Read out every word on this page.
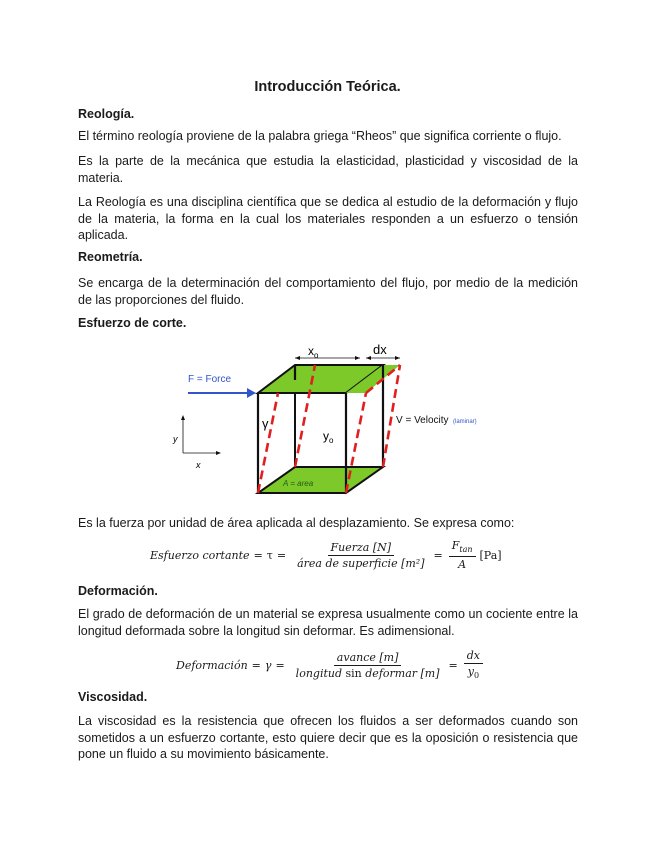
Introducción Teórica.
Reología.

El término reología proviene de la palabra griega “Rheos” que significa corriente o flujo.

Es la parte de la mecánica que estudia la elasticidad, plasticidad y viscosidad de la materia.

La Reología es una disciplina científica que se dedica al estudio de la deformación y flujo de la materia, la forma en la cual los materiales responden a un esfuerzo o tensión aplicada.

Reometría.

Se encarga de la determinación del comportamiento del flujo, por medio de la medición de las proporciones del fluido.

Esfuerzo de corte.
F = Force
$x_o$	dx
γ
$y_o$
V = Velocity (laminar)
A = area
y
x

Es la fuerza por unidad de área aplicada al desplazamiento. Se expresa como:

Esfuerzo cortante = $\tau = \frac{\text{Fuerza [N]}}{\text{área de superficie [m²]}} = \frac{F_{tan}}{A} [Pa]$
Deformación.

El grado de deformación de un material se expresa usualmente como un cociente entre la longitud deformada sobre la longitud sin deformar. Es adimensional.

Deformación = $\gamma = \frac{\text{avance [m]}}{\text{longitud sin deformar [m]}} = \frac{dx}{y_0}$
Viscosidad.

La viscosidad es la resistencia que ofrecen los fluidos a ser deformados cuando son sometidos a un esfuerzo cortante, esto quiere decir que es la oposición o resistencia que pone un fluido a su movimiento básicamente.
